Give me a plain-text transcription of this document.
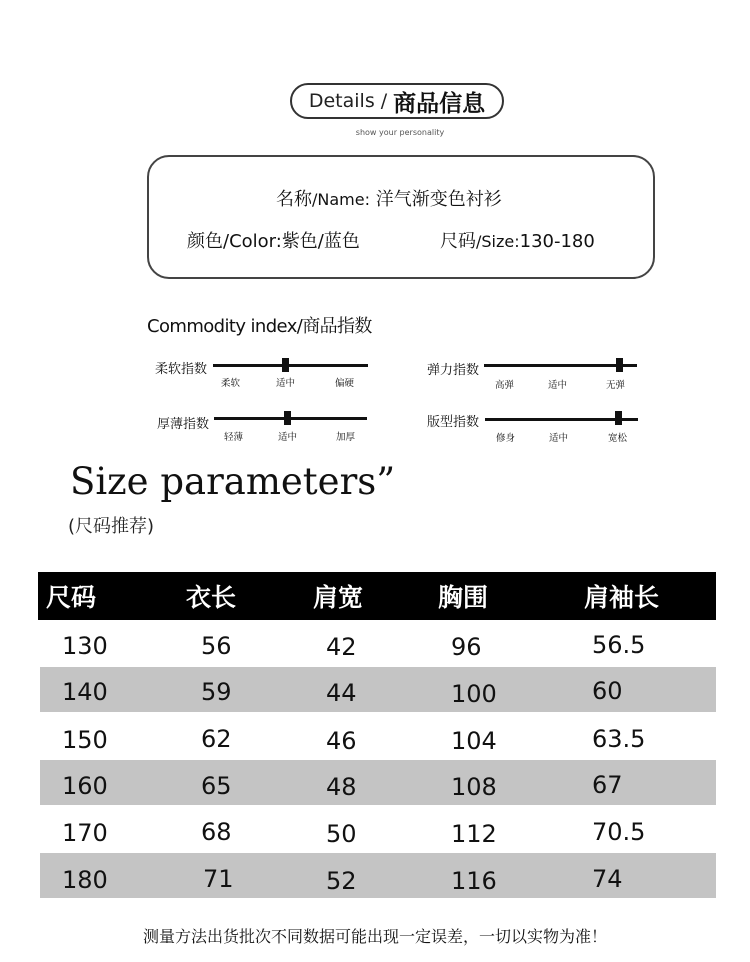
Details / 商品信息
show your personality
名称/Name: 洋气渐变色衬衫
颜色/Color:紫色/蓝色	尺码/Size:130-180
Commodity index/商品指数
柔软指数
柔软	适中	偏硬
弹力指数
高弹	适中	无弹
厚薄指数
轻薄	适中	加厚
版型指数
修身	适中	宽松
Size parameters”
(尺码推荐)
尺码	衣长	肩宽	胸围	肩袖长
130	56	42	96	56.5
140	59	44	100	60
150	62	46	104	63.5
160	65	48	108	67
170	68	50	112	70.5
180	71	52	116	74
测量方法出货批次不同数据可能出现一定误差，一切以实物为准！
